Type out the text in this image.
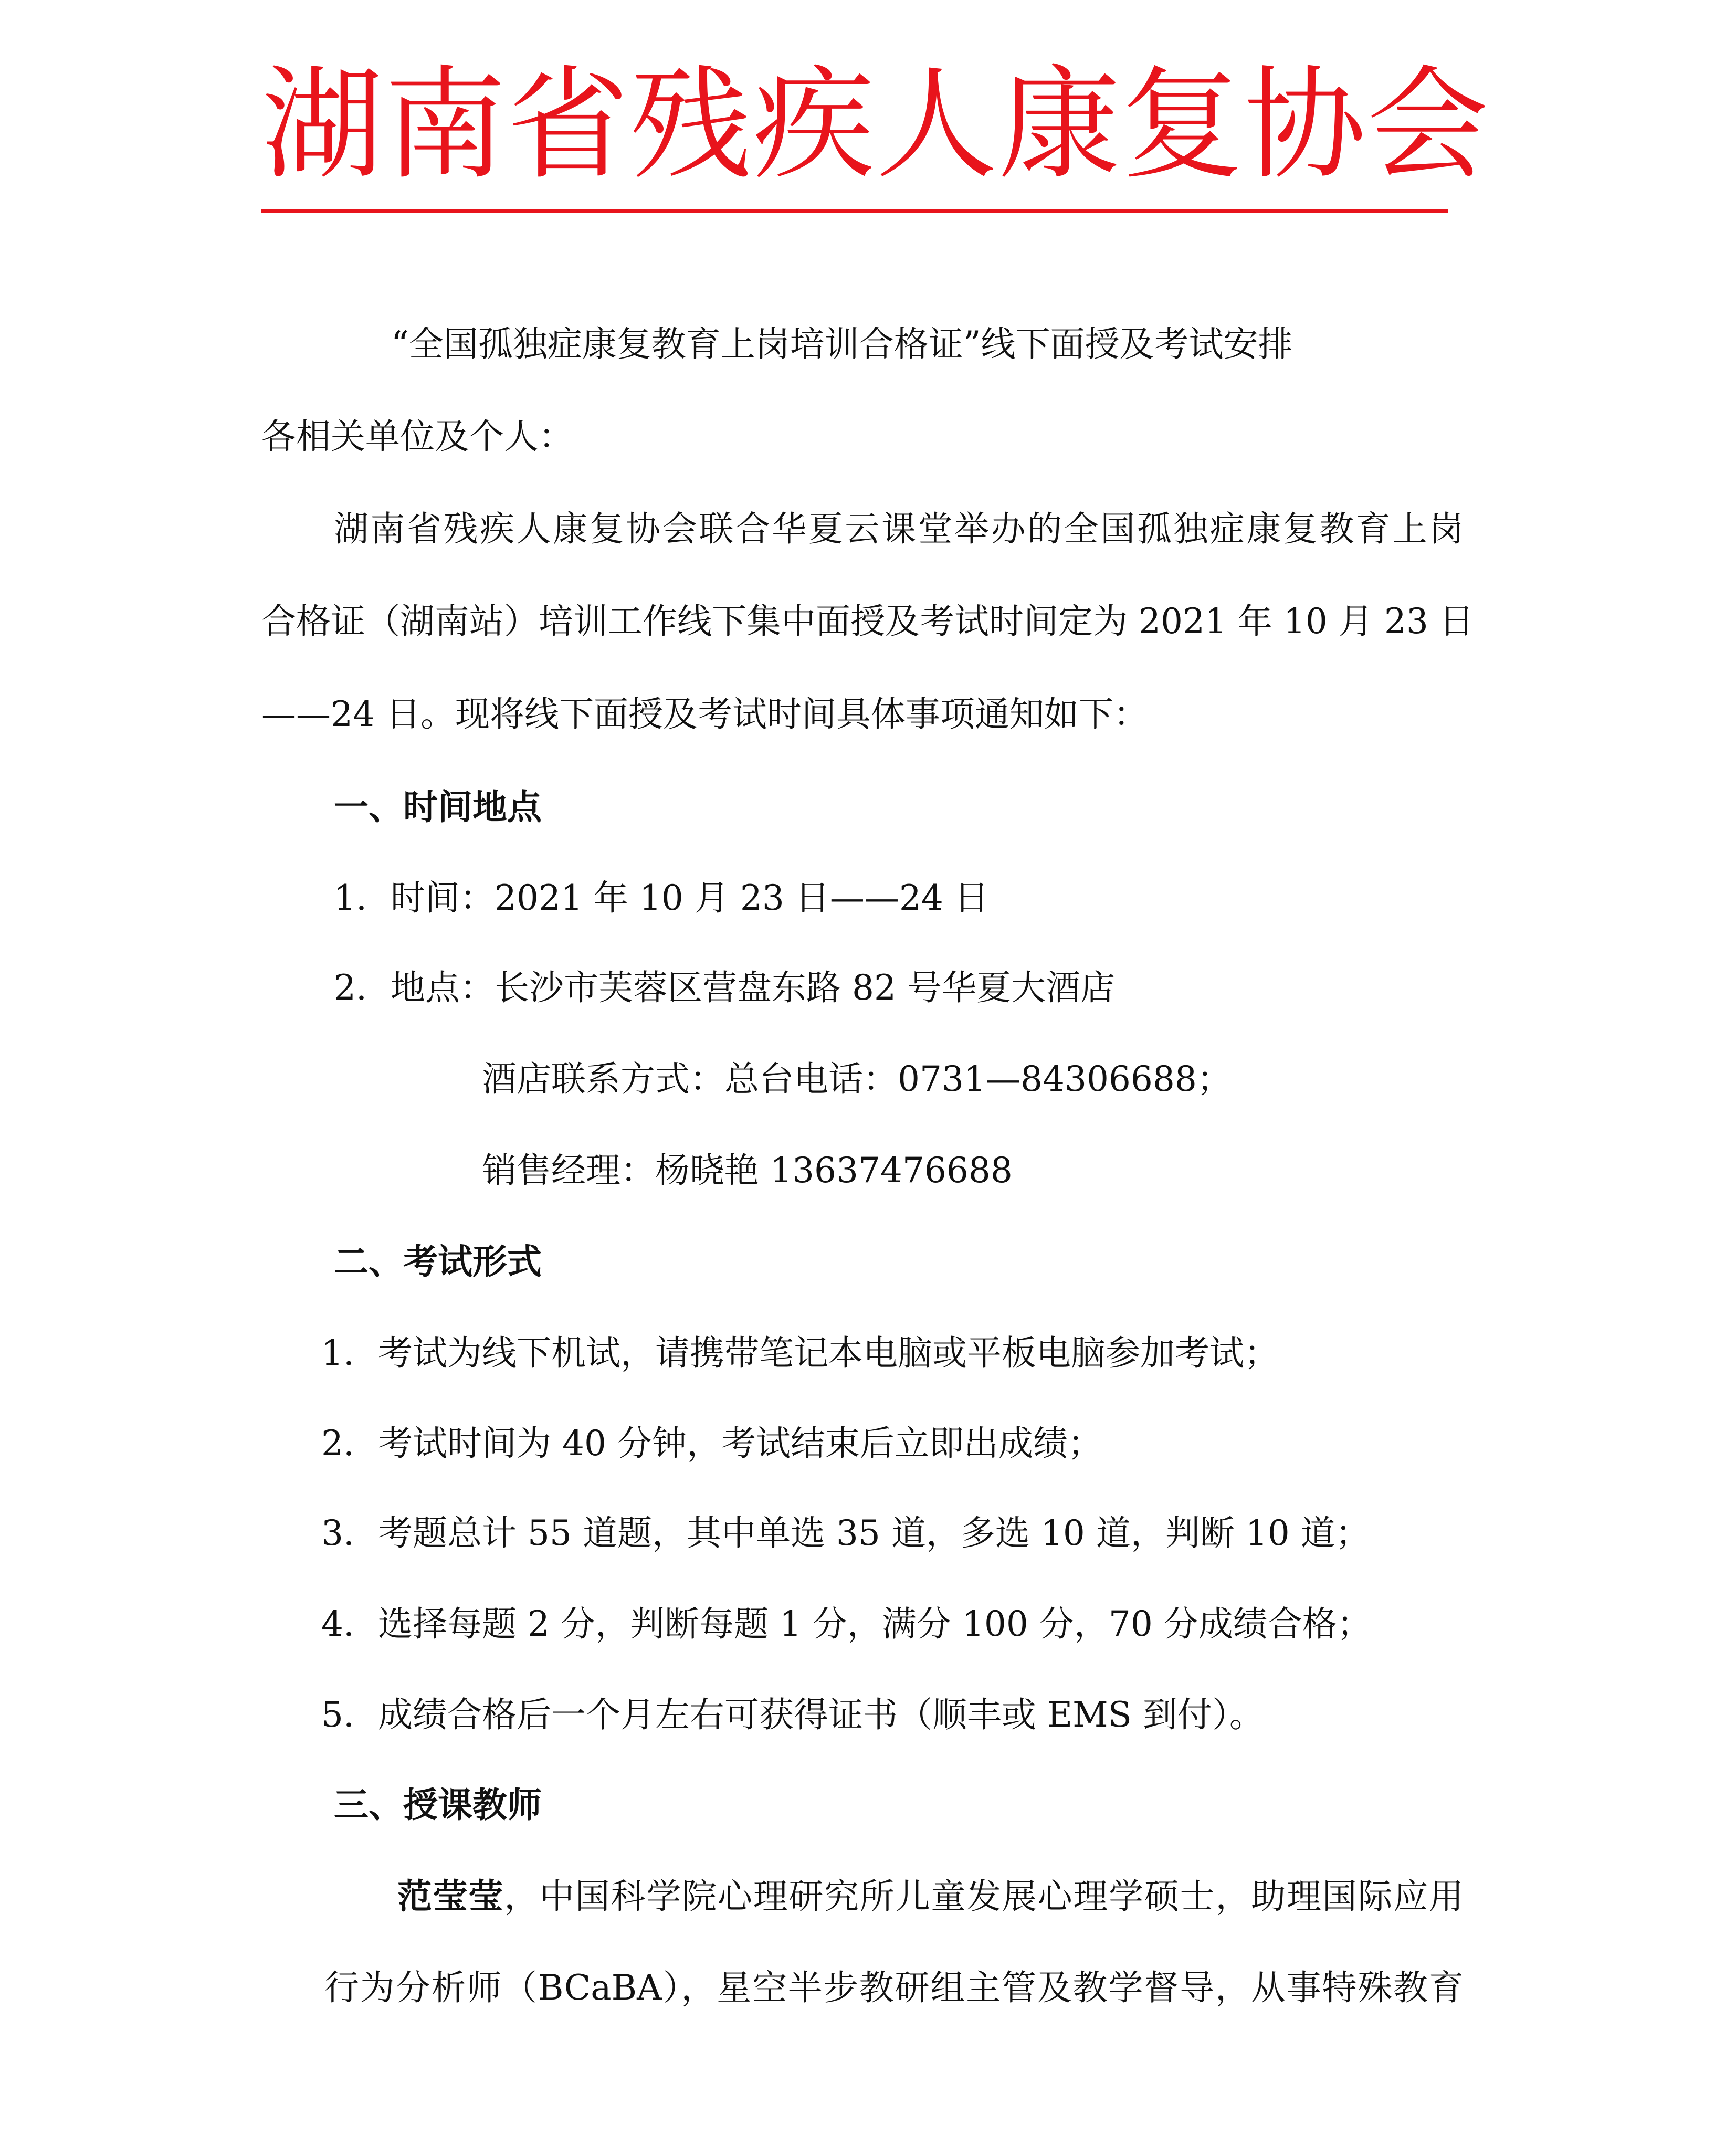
湖南省残疾人康复协会
“全国孤独症康复教育上岗培训合格证”线下面授及考试安排
各相关单位及个人：
湖南省残疾人康复协会联合华夏云课堂举办的全国孤独症康复教育上岗
合格证（湖南站）培训工作线下集中面授及考试时间定为 2021 年 10 月 23 日
——24 日。现将线下面授及考试时间具体事项通知如下：
一、时间地点
1. 时间：2021 年 10 月 23 日——24 日
2. 地点：长沙市芙蓉区营盘东路 82 号华夏大酒店
酒店联系方式：总台电话：0731—84306688；
销售经理：杨晓艳 13637476688
二、考试形式
1. 考试为线下机试，请携带笔记本电脑或平板电脑参加考试；
2. 考试时间为 40 分钟，考试结束后立即出成绩；
3. 考题总计 55 道题，其中单选 35 道，多选 10 道，判断 10 道；
4. 选择每题 2 分，判断每题 1 分，满分 100 分，70 分成绩合格；
5. 成绩合格后一个月左右可获得证书（顺丰或 EMS 到付）。
三、授课教师
范莹莹，中国科学院心理研究所儿童发展心理学硕士，助理国际应用
行为分析师（BCaBA），星空半步教研组主管及教学督导，从事特殊教育
